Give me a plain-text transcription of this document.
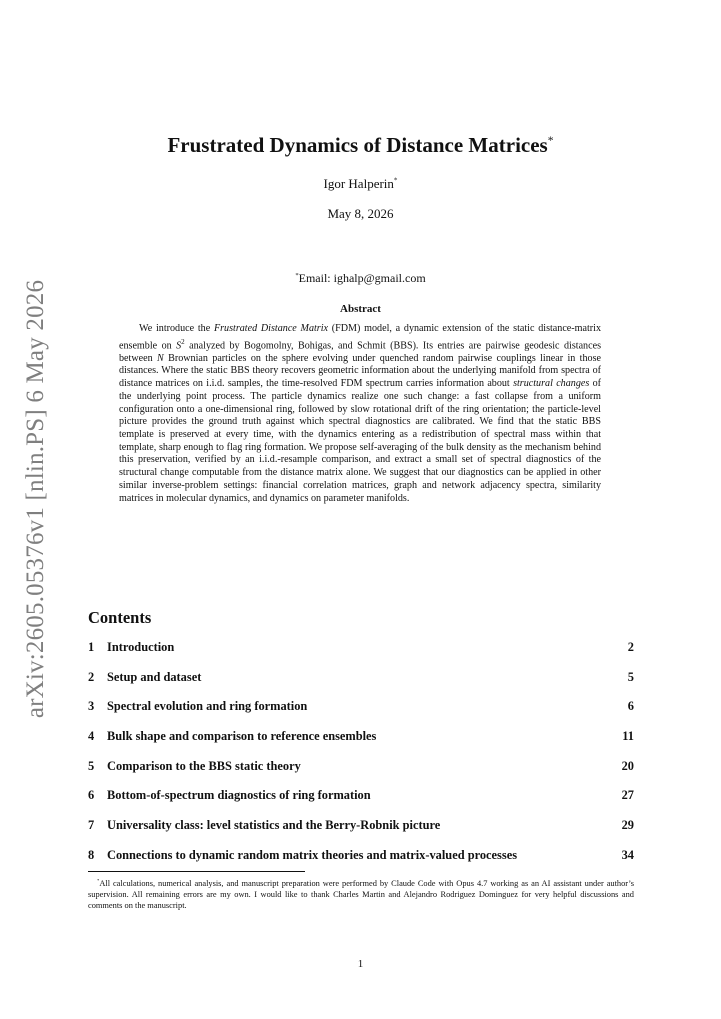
arXiv:2605.05376v1 [nlin.PS] 6 May 2026
Frustrated Dynamics of Distance Matrices*
Igor Halperin*
May 8, 2026
*Email: ighalp@gmail.com
Abstract

We introduce the Frustrated Distance Matrix (FDM) model, a dynamic extension of the static distance-matrix ensemble on $S^2$ analyzed by Bogomolny, Bohigas, and Schmit (BBS). Its entries are pairwise geodesic distances between N Brownian particles on the sphere evolving under quenched random pairwise couplings linear in those distances. Where the static BBS theory recovers geometric information about the underlying manifold from spectra of distance matrices on i.i.d. samples, the time-resolved FDM spectrum carries information about structural changes of the underlying point process. The particle dynamics realize one such change: a fast collapse from a uniform configuration onto a one-dimensional ring, followed by slow rotational drift of the ring orientation; the particle-level picture provides the ground truth against which spectral diagnostics are calibrated. We find that the static BBS template is preserved at every time, with the dynamics entering as a redistribution of spectral mass within that template, sharp enough to flag ring formation. We propose self-averaging of the bulk density as the mechanism behind this preservation, verified by an i.i.d.-resample comparison, and extract a small set of spectral diagnostics of the structural change computable from the distance matrix alone. We suggest that our diagnostics can be applied in other similar inverse-problem settings: financial correlation matrices, graph and network adjacency spectra, similarity matrices in molecular dynamics, and dynamics on parameter manifolds.

Contents
1	Introduction	2
2	Setup and dataset	5
3	Spectral evolution and ring formation	6
4	Bulk shape and comparison to reference ensembles	11
5	Comparison to the BBS static theory	20
6	Bottom-of-spectrum diagnostics of ring formation	27
7	Universality class: level statistics and the Berry-Robnik picture	29
8	Connections to dynamic random matrix theories and matrix-valued processes	34

*All calculations, numerical analysis, and manuscript preparation were performed by Claude Code with Opus 4.7 working as an AI assistant under author’s supervision. All remaining errors are my own. I would like to thank Charles Martin and Alejandro Rodriguez Dominguez for very helpful discussions and comments on the manuscript.

1
